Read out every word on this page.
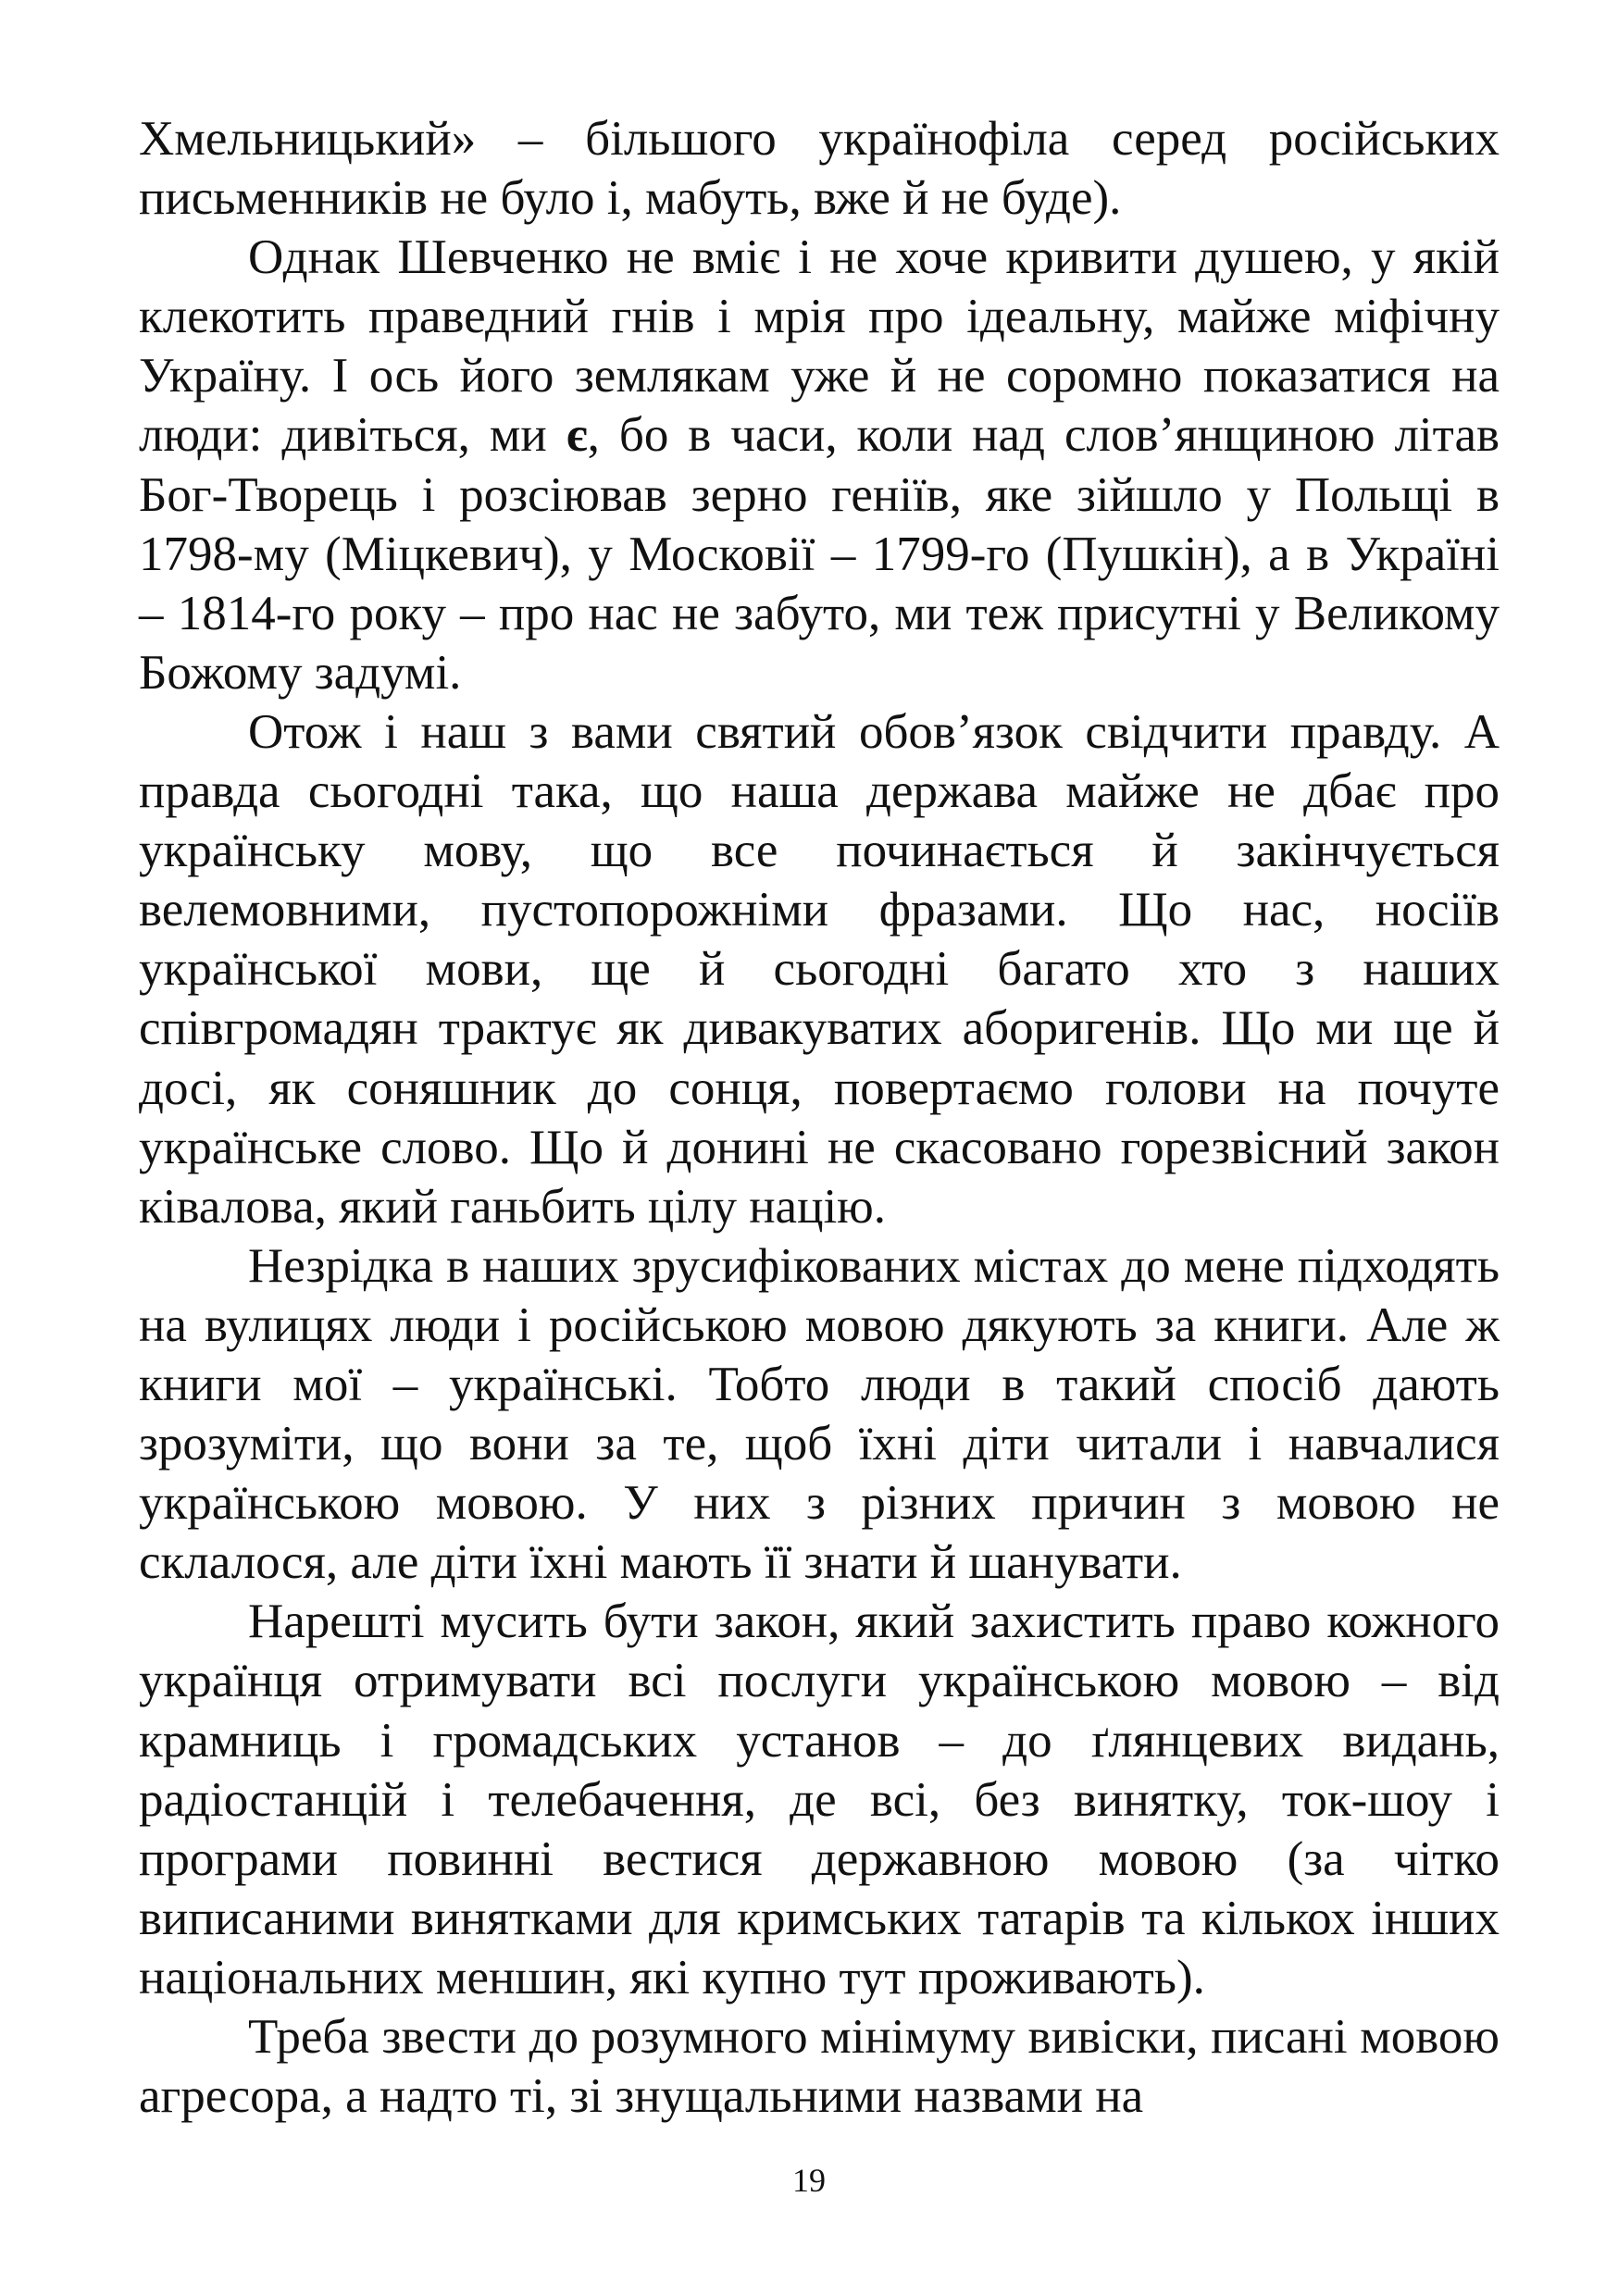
Хмельницький» – більшого українофіла серед російських письменників не було і, мабуть, вже й не буде).

Однак Шевченко не вміє і не хоче кривити душею, у якій клекотить праведний гнів і мрія про ідеальну, майже міфічну Україну. І ось його землякам уже й не соромно показатися на люди: дивіться, ми є, бо в часи, коли над слов’янщиною літав Бог-Творець і розсіював зерно геніїв, яке зійшло у Польщі в 1798-му (Міцкевич), у Московії – 1799-го (Пушкін), а в Україні – 1814-го року – про нас не забуто, ми теж присутні у Великому Божому задумі.

Отож і наш з вами святий обов’язок свідчити правду. А правда сьогодні така, що наша держава майже не дбає про українську мову, що все починається й закінчується велемовними, пустопорожніми фразами. Що нас, носіїв української мови, ще й сьогодні багато хто з наших співгромадян трактує як дивакуватих аборигенів. Що ми ще й досі, як соняшник до сонця, повертаємо голови на почуте українське слово. Що й донині не скасовано горезвісний закон ківалова, який ганьбить цілу націю.

Незрідка в наших зрусифікованих містах до мене підходять на вулицях люди і російською мовою дякують за книги. Але ж книги мої – українські. Тобто люди в такий спосіб дають зрозуміти, що вони за те, щоб їхні діти читали і навчалися українською мовою. У них з різних причин з мовою не склалося, але діти їхні мають її знати й шанувати.

Нарешті мусить бути закон, який захистить право кожного українця отримувати всі послуги українською мовою – від крамниць і громадських установ – до ґлянцевих видань, радіостанцій і телебачення, де всі, без винятку, ток-шоу і програми повинні вестися державною мовою (за чітко виписаними винятками для кримських татарів та кількох інших національних меншин, які купно тут проживають).

Треба звести до розумного мінімуму вивіски, писані мовою агресора, а надто ті, зі знущальними назвами на

19
